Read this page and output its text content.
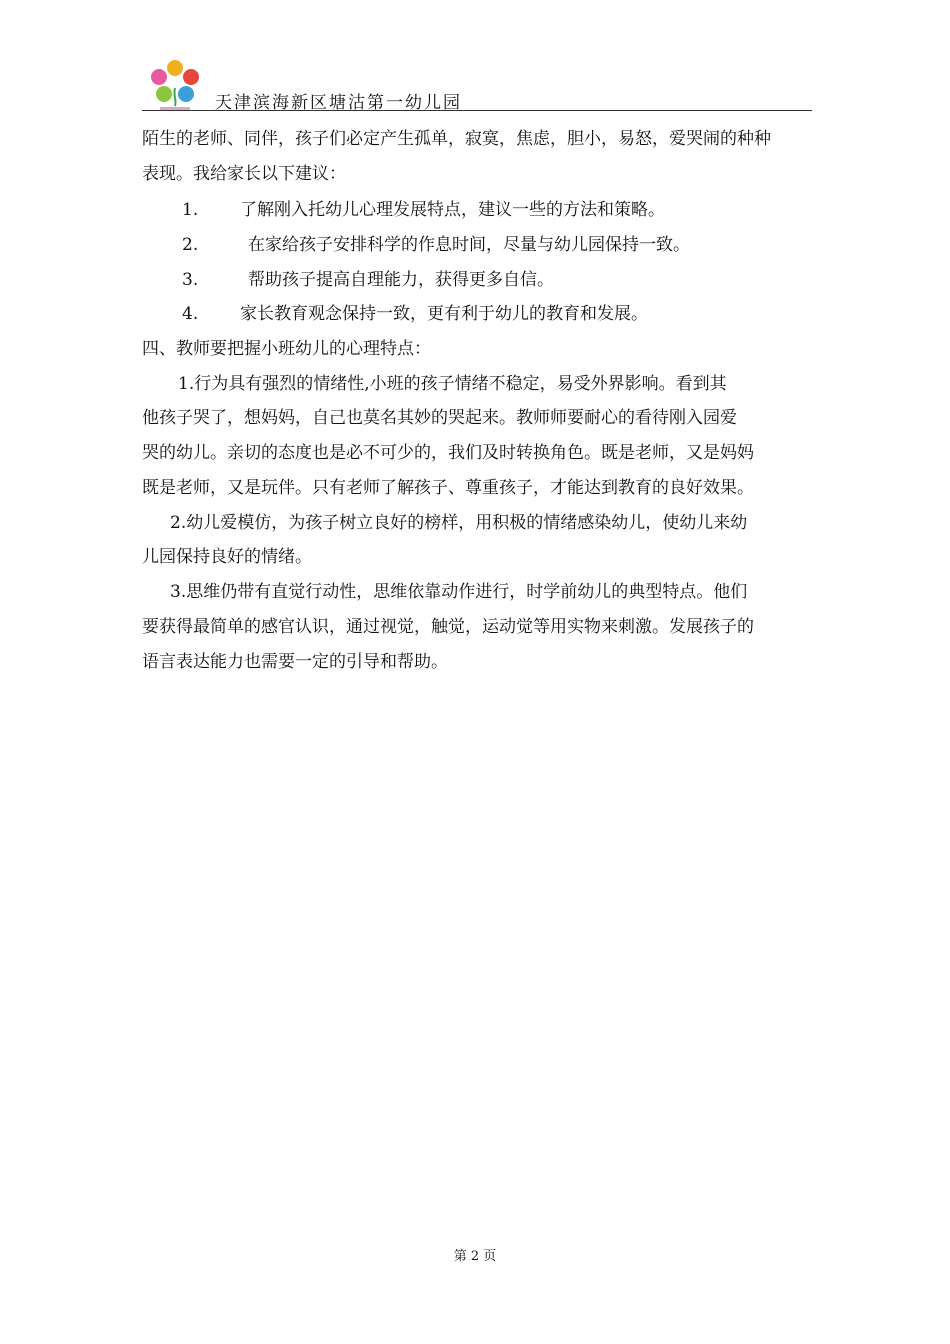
天津滨海新区塘沽第一幼儿园
陌生的老师、同伴，孩子们必定产生孤单，寂寞，焦虑，胆小，易怒，爱哭闹的种种
表现。我给家长以下建议：
1. 了解刚入托幼儿心理发展特点，建议一些的方法和策略。
2.	在家给孩子安排科学的作息时间，尽量与幼儿园保持一致。
3.	帮助孩子提高自理能力，获得更多自信。
4. 家长教育观念保持一致，更有利于幼儿的教育和发展。
四、教师要把握小班幼儿的心理特点：
1.行为具有强烈的情绪性,小班的孩子情绪不稳定，易受外界影响。看到其
他孩子哭了，想妈妈，自己也莫名其妙的哭起来。教师师要耐心的看待刚入园爱
哭的幼儿。亲切的态度也是必不可少的，我们及时转换角色。既是老师，又是妈妈
既是老师，又是玩伴。只有老师了解孩子、尊重孩子，才能达到教育的良好效果。
2.幼儿爱模仿，为孩子树立良好的榜样，用积极的情绪感染幼儿，使幼儿来幼
儿园保持良好的情绪。
3.思维仍带有直觉行动性，思维依靠动作进行，时学前幼儿的典型特点。他们
要获得最简单的感官认识，通过视觉，触觉，运动觉等用实物来刺激。发展孩子的
语言表达能力也需要一定的引导和帮助。
第 2 页
